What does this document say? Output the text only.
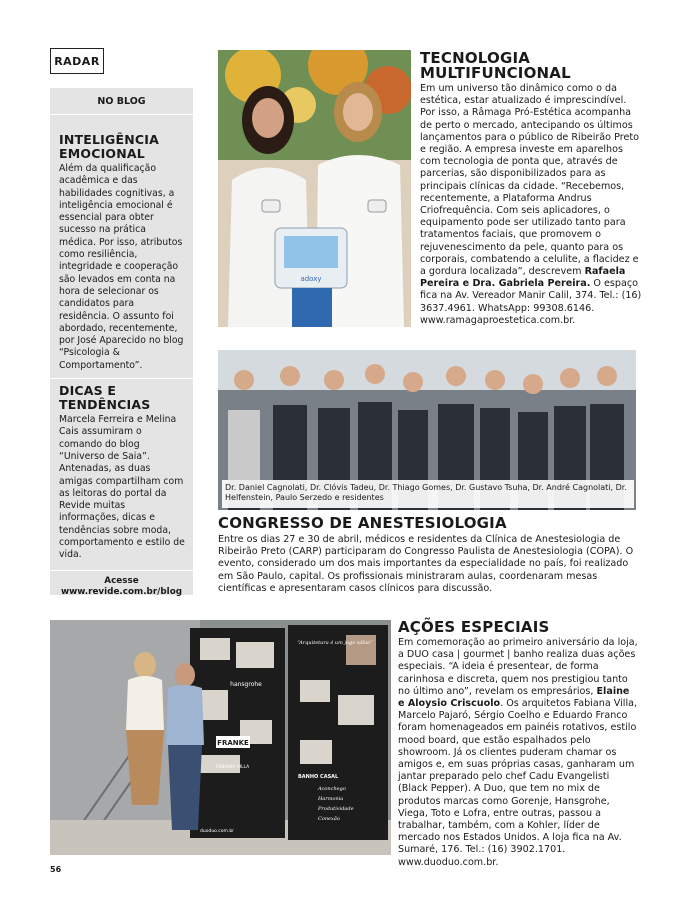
RADAR
NO BLOG
INTELIGÊNCIA EMOCIONAL
Além da qualificação acadêmica e das habilidades cognitivas, a inteligência emocional é essencial para obter sucesso na prática médica. Por isso, atributos como resiliência, integridade e cooperação são levados em conta na hora de selecionar os candidatos para residência. O assunto foi abordado, recentemente, por José Aparecido no blog “Psicologia & Comportamento”.
DICAS E TENDÊNCIAS
Marcela Ferreira e Melina Cais assumiram o comando do blog “Universo de Saia”. Antenadas, as duas amigas compartilham com as leitoras do portal da Revide muitas informações, dicas e tendências sobre moda, comportamento e estilo de vida.
Acesse
www.revide.com.br/blog
adoxy
TECNOLOGIA MULTIFUNCIONAL
Em um universo tão dinâmico como o da estética, estar atualizado é imprescindível. Por isso, a Râmaga Pró-Estética acompanha de perto o mercado, antecipando os últimos lançamentos para o público de Ribeirão Preto e região. A empresa investe em aparelhos com tecnologia de ponta que, através de parcerias, são disponibilizados para as principais clínicas da cidade. “Recebemos, recentemente, a Plataforma Andrus Criofrequência. Com seis aplicadores, o equipamento pode ser utilizado tanto para tratamentos faciais, que promovem o rejuvenescimento da pele, quanto para os corporais, combatendo a celulite, a flacidez e a gordura localizada”, descrevem Rafaela Pereira e Dra. Gabriela Pereira. O espaço fica na Av. Vereador Manir Calil, 374. Tel.: (16) 3637.4961. WhatsApp: 99308.6146. www.ramagaproestetica.com.br.
Dr. Daniel Cagnolati, Dr. Clóvis Tadeu, Dr. Thiago Gomes, Dr. Gustavo Tsuha, Dr. André Cagnolati, Dr. Helfenstein, Paulo Serzedo e residentes
CONGRESSO DE ANESTESIOLOGIA
Entre os dias 27 e 30 de abril, médicos e residentes da Clínica de Anestesiologia de Ribeirão Preto (CARP) participaram do Congresso Paulista de Anestesiologia (COPA). O evento, considerado um dos mais importantes da especialidade no país, foi realizado em São Paulo, capital. Os profissionais ministraram aulas, coordenaram mesas científicas e apresentaram casos clínicos para discussão.
FRANKE
hansgrohe
“Arquitetura é um jogo sábio”
FABIANA VILLA
BANHO CASAL
Aconchego
Harmonia
Produtividade
Conexão
duoduo.com.br
AÇÕES ESPECIAIS
Em comemoração ao primeiro aniversário da loja, a DUO casa | gourmet | banho realiza duas ações especiais. “A ideia é presentear, de forma carinhosa e discreta, quem nos prestigiou tanto no último ano”, revelam os empresários, Elaine e Aloysio Criscuolo. Os arquitetos Fabiana Villa, Marcelo Pajaró, Sérgio Coelho e Eduardo Franco foram homenageados em painéis rotativos, estilo mood board, que estão espalhados pelo showroom. Já os clientes puderam chamar os amigos e, em suas próprias casas, ganharam um jantar preparado pelo chef Cadu Evangelisti (Black Pepper). A Duo, que tem no mix de produtos marcas como Gorenje, Hansgrohe, Viega, Toto e Lofra, entre outras, passou a trabalhar, também, com a Kohler, líder de mercado nos Estados Unidos. A loja fica na Av. Sumaré, 176. Tel.: (16) 3902.1701. www.duoduo.com.br.
56
